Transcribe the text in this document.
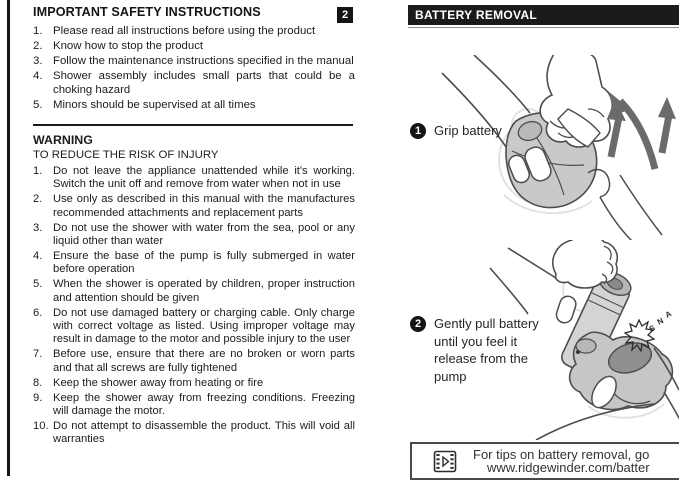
IMPORTANT SAFETY INSTRUCTIONS
1. Please read all instructions before using the product
2. Know how to stop the product
3. Follow the maintenance instructions specified in the manual
4. Shower assembly includes small parts that could be a choking hazard
5. Minors should be supervised at all times
WARNING
TO REDUCE THE RISK OF INJURY
1. Do not leave the appliance unattended while it's working. Switch the unit off and remove from water when not in use
2. Use only as described in this manual with the manufactures recommended attachments and replacement parts
3. Do not use the shower with water from the sea, pool or any liquid other than water
4. Ensure the base of the pump is fully submerged in water before operation
5. When the shower is operated by children, proper instruction and attention should be given
6. Do not use damaged battery or charging cable. Only charge with correct voltage as listed. Using improper voltage may result in damage to the motor and possible injury to the user
7. Before use, ensure that there are no broken or worn parts and that all screws are fully tightened
8. Keep the shower away from heating or fire
9. Keep the shower away from freezing conditions. Freezing will damage the motor.
10. Do not attempt to disassemble the product. This will void all warranties
2	BATTERY REMOVAL
S
N
A
1 Grip battery
2 Gently pull battery until you feel it release from the pump
For tips on battery removal, go
www.ridgewinder.com/batter
